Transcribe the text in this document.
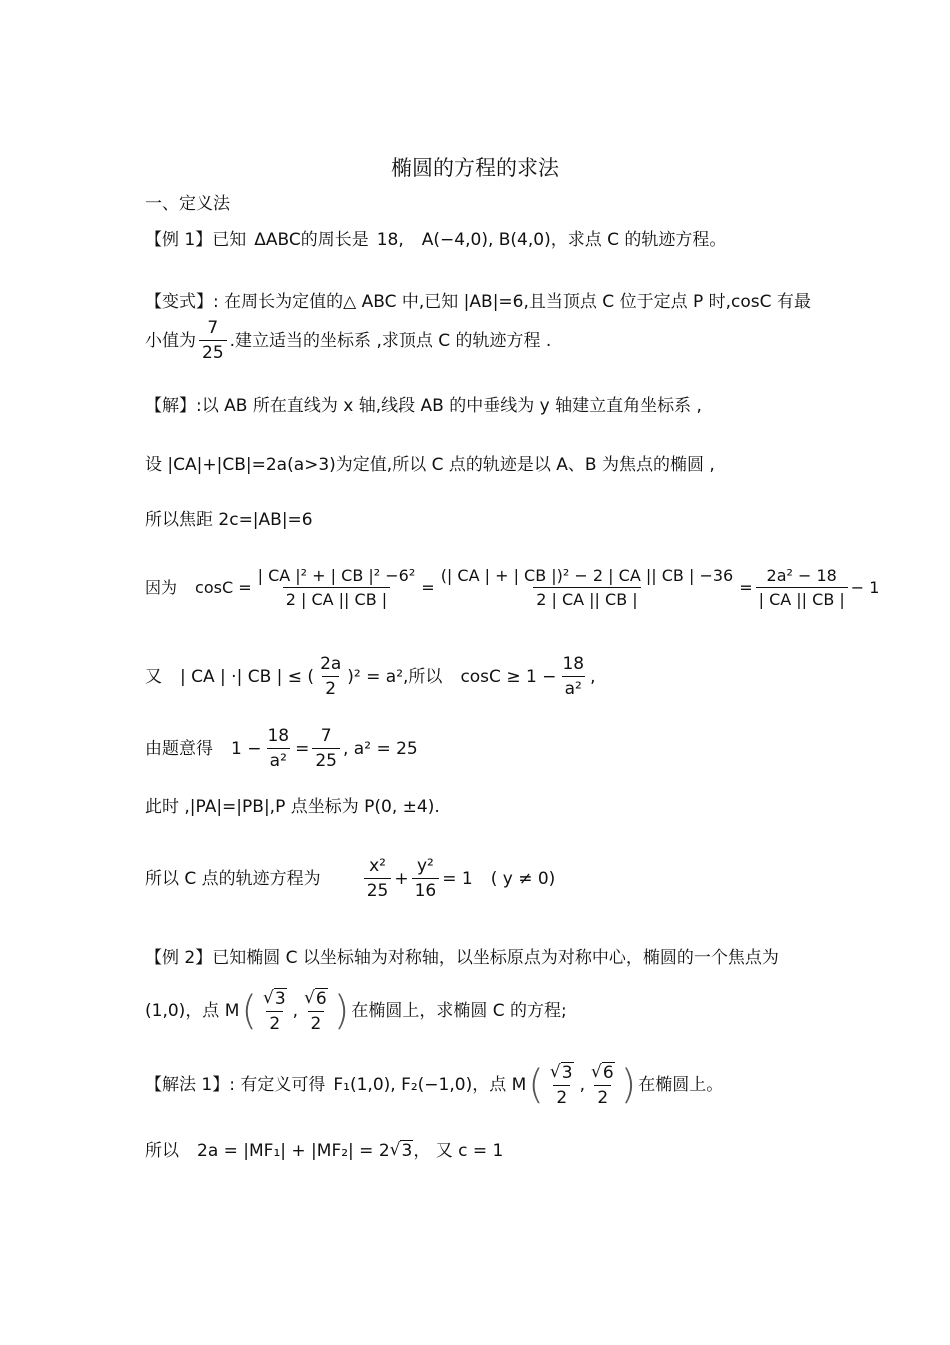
椭圆的方程的求法
一、定义法
【例 1】 已知 ΔABC 的周长是 18, A(−4,0), B(4,0) ，求点 C 的轨迹方程。
【变式】 : 在周长为定值的△ ABC 中,已知 |AB|=6,且当顶点 C 位于定点 P 时,cosC 有最
小值为 $\frac{7}{25}$ .建立适当的坐标系 ,求顶点 C 的轨迹方程 .
【解】 :以 AB 所在直线为 x 轴,线段 AB 的中垂线为 y 轴建立直角坐标系 ,
设 |CA|+|CB|=2a(a>3)为定值,所以 C 点的轨迹是以 A、B 为焦点的椭圆 ,
所以焦距 2c=|AB|=6
因为 $\cos C = \frac{\text{| CA |² + | CB |² −6²}}{2 | CA || CB |} = \frac{\text{(| CA | + | CB |)² − 2 | CA || CB | −36}}{2 | CA || CB |} = \frac{\text{2a² − 18}}{| CA || CB |} - 1$
又 | CA | ·| CB | ≤ ( $\frac{2a}{2} )^2 = a^2$,所以 $\cos C \ge 1 - \frac{18}{\text{a²}}$ ,
由题意得 $1 - \frac{18}{\text{a²}} = \frac{7}{25}$ , a² = 25
此时 ,|PA|=|PB|,P 点坐标为 P(0, ±4).
所以 C 点的轨迹方程为	$\frac{\text{x²}}{25} + \frac{\text{y²}}{16} = 1$ ( y ≠ 0)
【例 2】 已知椭圆 C 以坐标轴为对称轴，以坐标原点为对称中心，椭圆的一个焦点为
(1,0) ，点 M ( $\frac{√ 3}{2}$ , $\frac{√ 6}{2}$ ) 在椭圆上，求椭圆 C 的方程;
【解法 1】 : 有定义可得 F₁(1,0), F₂(−1,0) ，点 M ( $\frac{√ 3}{2}$ , $\frac{√ 6}{2}$ ) 在椭圆上。
所以 2a = |MF₁| + |MF₂| = 2 √ 3 ， 又 c = 1
